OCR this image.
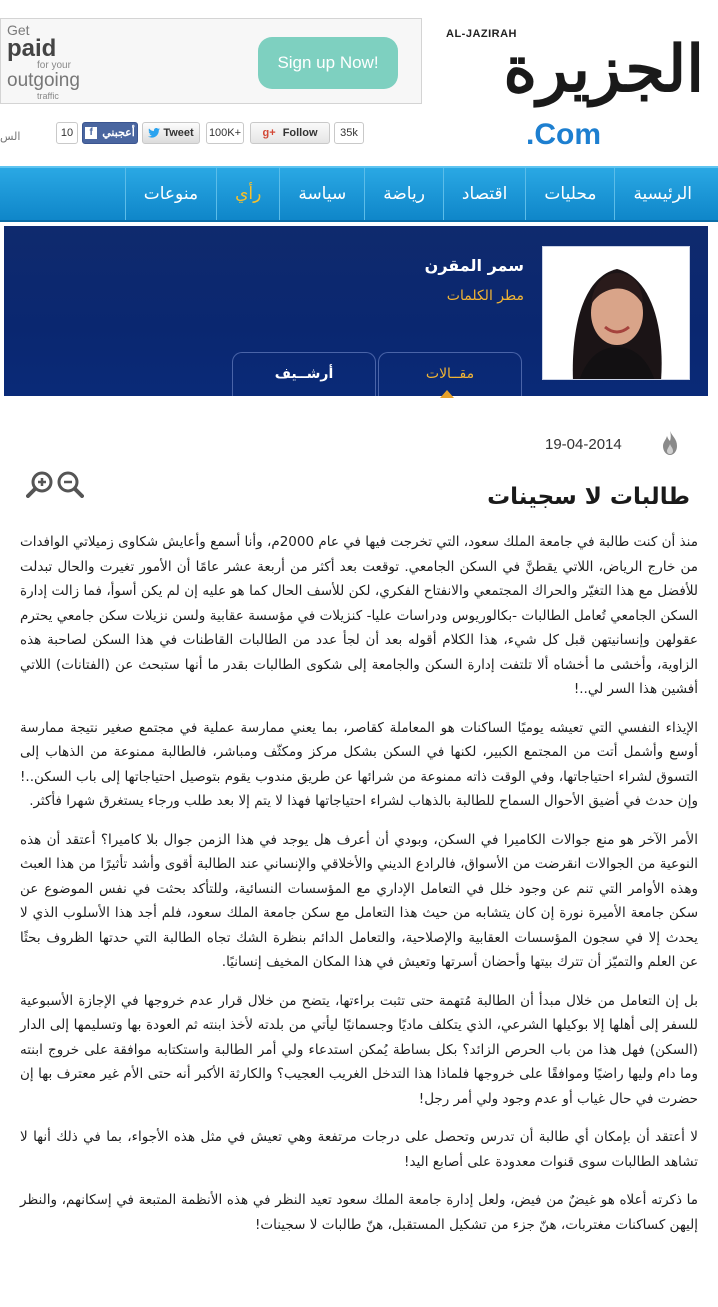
Get
paid
for your
outgoing
traffic
Sign up Now!
AL-JAZIRAH
الجزيرة
.Com
10	f أعجبني	Tweet	100K+	g+ Follow	35k
الس
الرئيسية
محليات
اقتصاد
رياضة
سياسة
رأي
منوعات
سمر المقرن
مطر الكلمات
مقــالات
أرشــيف
19-04-2014
طالبات لا سجينات

منذ أن كنت طالبة في جامعة الملك سعود، التي تخرجت فيها في عام 2000م، وأنا أسمع وأعايش شكاوى زميلاتي الوافدات من خارج الرياض، اللاتي يقطنَّ في السكن الجامعي. توقعت بعد أكثر من أربعة عشر عامًا أن الأمور تغيرت والحال تبدلت للأفضل مع هذا التغيّر والحراك المجتمعي والانفتاح الفكري، لكن للأسف الحال كما هو عليه إن لم يكن أسوأ، فما زالت إدارة السكن الجامعي تُعامل الطالبات -بكالوريوس ودراسات عليا- كنزيلات في مؤسسة عقابية ولسن نزيلات سكن جامعي يحترم عقولهن وإنسانيتهن قبل كل شيء، هذا الكلام أقوله بعد أن لجأ عدد من الطالبات القاطنات في هذا السكن لصاحبة هذه الزاوية، وأخشى ما أخشاه ألا تلتفت إدارة السكن والجامعة إلى شكوى الطالبات بقدر ما أنها ستبحث عن (الفتانات) اللاتي أفشين هذا السر لي..!

الإيذاء النفسي التي تعيشه يوميًا الساكنات هو المعاملة كقاصر، بما يعني ممارسة عملية في مجتمع صغير نتيجة ممارسة أوسع وأشمل أتت من المجتمع الكبير، لكنها في السكن بشكل مركز ومكثّف ومباشر، فالطالبة ممنوعة من الذهاب إلى التسوق لشراء احتياجاتها، وفي الوقت ذاته ممنوعة من شرائها عن طريق مندوب يقوم بتوصيل احتياجاتها إلى باب السكن..! وإن حدث في أضيق الأحوال السماح للطالبة بالذهاب لشراء احتياجاتها فهذا لا يتم إلا بعد طلب ورجاء يستغرق شهرا فأكثر.

الأمر الآخر هو منع جوالات الكاميرا في السكن، وبودي أن أعرف هل يوجد في هذا الزمن جوال بلا كاميرا؟ أعتقد أن هذه النوعية من الجوالات انقرضت من الأسواق، فالرادع الديني والأخلاقي والإنساني عند الطالبة أقوى وأشد تأثيرًا من هذا العبث وهذه الأوامر التي تنم عن وجود خلل في التعامل الإداري مع المؤسسات النسائية، وللتأكد بحثت في نفس الموضوع عن سكن جامعة الأميرة نورة إن كان يتشابه من حيث هذا التعامل مع سكن جامعة الملك سعود، فلم أجد هذا الأسلوب الذي لا يحدث إلا في سجون المؤسسات العقابية والإصلاحية، والتعامل الدائم بنظرة الشك تجاه الطالبة التي حدتها الظروف بحثًا عن العلم والتميّز أن تترك بيتها وأحضان أسرتها وتعيش في هذا المكان المخيف إنسانيًا.

بل إن التعامل من خلال مبدأ أن الطالبة مُتهمة حتى تثبت براءتها، يتضح من خلال قرار عدم خروجها في الإجازة الأسبوعية للسفر إلى أهلها إلا بوكيلها الشرعي، الذي يتكلف ماديًا وجسمانيًا ليأتي من بلدته لأخذ ابنته ثم العودة بها وتسليمها إلى الدار (السكن) فهل هذا من باب الحرص الزائد؟ بكل بساطة يُمكن استدعاء ولي أمر الطالبة واستكتابه موافقة على خروج ابنته وما دام وليها راضيًا وموافقًا على خروجها فلماذا هذا التدخل الغريب العجيب؟ والكارثة الأكبر أنه حتى الأم غير معترف بها إن حضرت في حال غياب أو عدم وجود ولي أمر رجل!

لا أعتقد أن بإمكان أي طالبة أن تدرس وتحصل على درجات مرتفعة وهي تعيش في مثل هذه الأجواء، بما في ذلك أنها لا تشاهد الطالبات سوى قنوات معدودة على أصابع اليد!

ما ذكرته أعلاه هو غيضٌ من فيض، ولعل إدارة جامعة الملك سعود تعيد النظر في هذه الأنظمة المتبعة في إسكانهم، والنظر إليهن كساكنات مغتربات، هنّ جزء من تشكيل المستقبل، هنّ طالبات لا سجينات!
